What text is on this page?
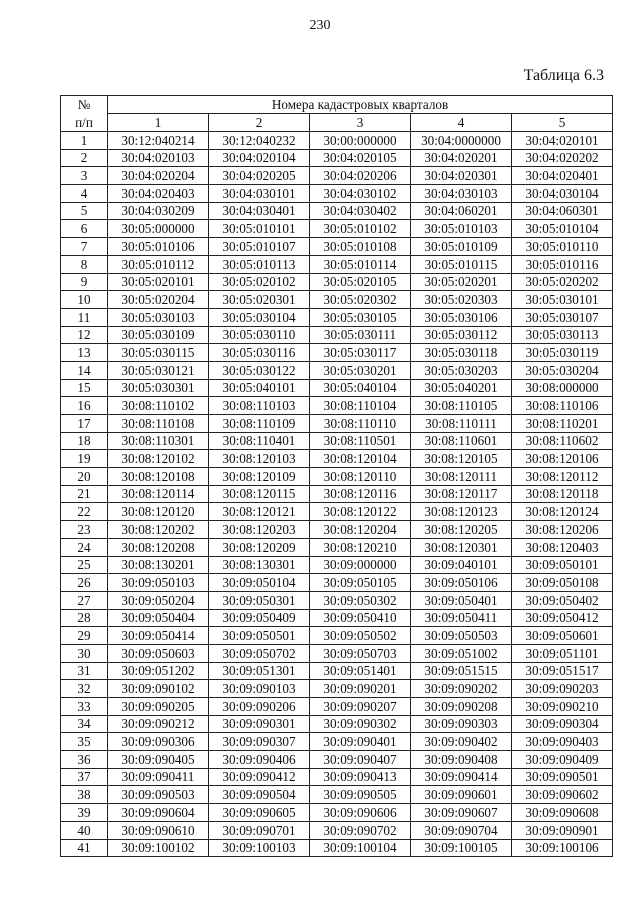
230
Таблица 6.3
№	Номера кадастровых кварталов				
п/п	1	2	3	4	5
1	30:12:040214	30:12:040232	30:00:000000	30:04:0000000	30:04:020101
2	30:04:020103	30:04:020104	30:04:020105	30:04:020201	30:04:020202
3	30:04:020204	30:04:020205	30:04:020206	30:04:020301	30:04:020401
4	30:04:020403	30:04:030101	30:04:030102	30:04:030103	30:04:030104
5	30:04:030209	30:04:030401	30:04:030402	30:04:060201	30:04:060301
6	30:05:000000	30:05:010101	30:05:010102	30:05:010103	30:05:010104
7	30:05:010106	30:05:010107	30:05:010108	30:05:010109	30:05:010110
8	30:05:010112	30:05:010113	30:05:010114	30:05:010115	30:05:010116
9	30:05:020101	30:05:020102	30:05:020105	30:05:020201	30:05:020202
10	30:05:020204	30:05:020301	30:05:020302	30:05:020303	30:05:030101
11	30:05:030103	30:05:030104	30:05:030105	30:05:030106	30:05:030107
12	30:05:030109	30:05:030110	30:05:030111	30:05:030112	30:05:030113
13	30:05:030115	30:05:030116	30:05:030117	30:05:030118	30:05:030119
14	30:05:030121	30:05:030122	30:05:030201	30:05:030203	30:05:030204
15	30:05:030301	30:05:040101	30:05:040104	30:05:040201	30:08:000000
16	30:08:110102	30:08:110103	30:08:110104	30:08:110105	30:08:110106
17	30:08:110108	30:08:110109	30:08:110110	30:08:110111	30:08:110201
18	30:08:110301	30:08:110401	30:08:110501	30:08:110601	30:08:110602
19	30:08:120102	30:08:120103	30:08:120104	30:08:120105	30:08:120106
20	30:08:120108	30:08:120109	30:08:120110	30:08:120111	30:08:120112
21	30:08:120114	30:08:120115	30:08:120116	30:08:120117	30:08:120118
22	30:08:120120	30:08:120121	30:08:120122	30:08:120123	30:08:120124
23	30:08:120202	30:08:120203	30:08:120204	30:08:120205	30:08:120206
24	30:08:120208	30:08:120209	30:08:120210	30:08:120301	30:08:120403
25	30:08:130201	30:08:130301	30:09:000000	30:09:040101	30:09:050101
26	30:09:050103	30:09:050104	30:09:050105	30:09:050106	30:09:050108
27	30:09:050204	30:09:050301	30:09:050302	30:09:050401	30:09:050402
28	30:09:050404	30:09:050409	30:09:050410	30:09:050411	30:09:050412
29	30:09:050414	30:09:050501	30:09:050502	30:09:050503	30:09:050601
30	30:09:050603	30:09:050702	30:09:050703	30:09:051002	30:09:051101
31	30:09:051202	30:09:051301	30:09:051401	30:09:051515	30:09:051517
32	30:09:090102	30:09:090103	30:09:090201	30:09:090202	30:09:090203
33	30:09:090205	30:09:090206	30:09:090207	30:09:090208	30:09:090210
34	30:09:090212	30:09:090301	30:09:090302	30:09:090303	30:09:090304
35	30:09:090306	30:09:090307	30:09:090401	30:09:090402	30:09:090403
36	30:09:090405	30:09:090406	30:09:090407	30:09:090408	30:09:090409
37	30:09:090411	30:09:090412	30:09:090413	30:09:090414	30:09:090501
38	30:09:090503	30:09:090504	30:09:090505	30:09:090601	30:09:090602
39	30:09:090604	30:09:090605	30:09:090606	30:09:090607	30:09:090608
40	30:09:090610	30:09:090701	30:09:090702	30:09:090704	30:09:090901
41	30:09:100102	30:09:100103	30:09:100104	30:09:100105	30:09:100106
